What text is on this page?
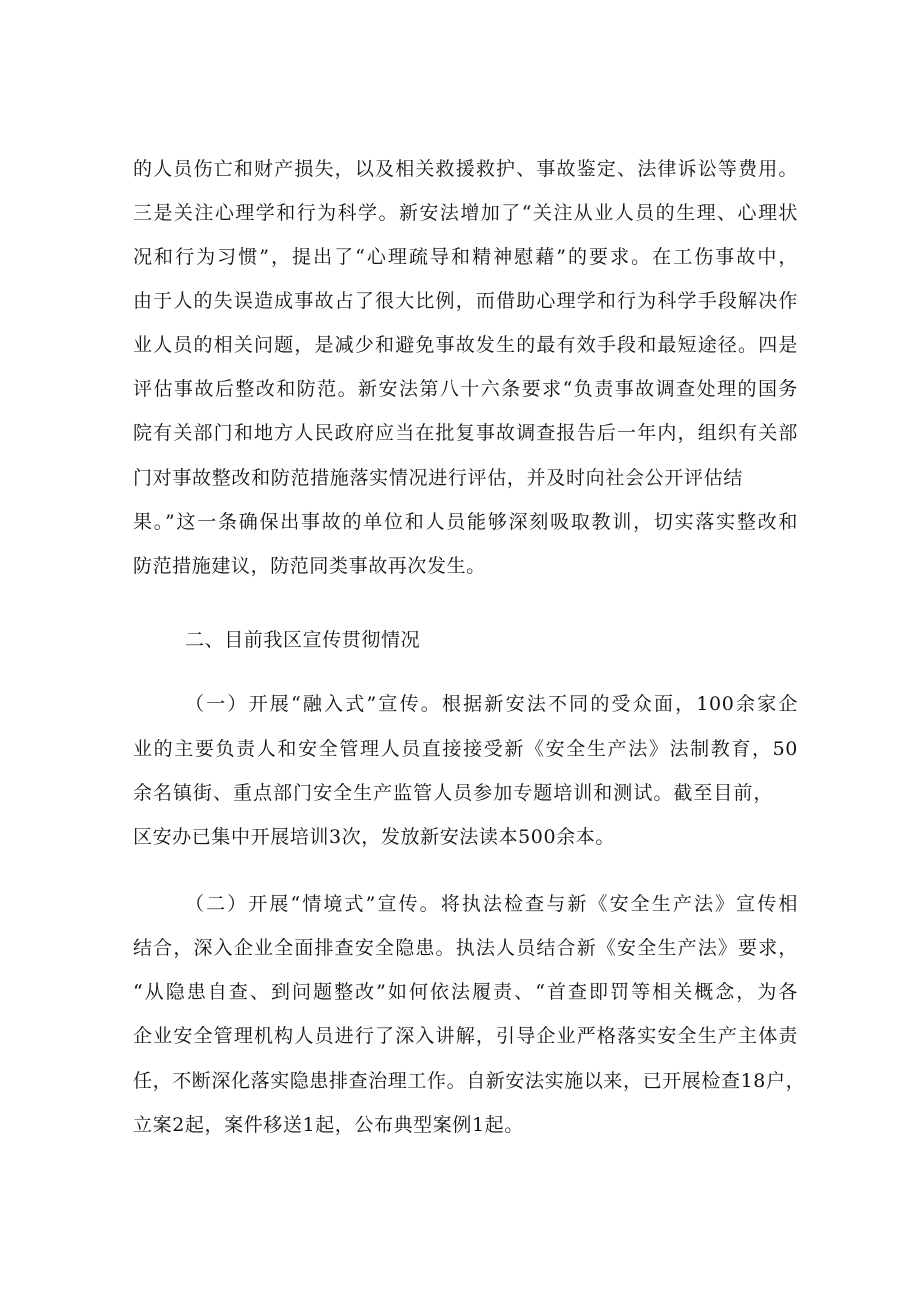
的人员伤亡和财产损失，以及相关救援救护、事故鉴定、法律诉讼等费用。

三是关注心理学和行为科学。新安法增加了“关注从业人员的生理、心理状

况和行为习惯”，提出了“心理疏导和精神慰藉”的要求。在工伤事故中，

由于人的失误造成事故占了很大比例，而借助心理学和行为科学手段解决作

业人员的相关问题，是减少和避免事故发生的最有效手段和最短途径。四是

评估事故后整改和防范。新安法第八十六条要求“负责事故调查处理的国务

院有关部门和地方人民政府应当在批复事故调查报告后一年内，组织有关部

门对事故整改和防范措施落实情况进行评估，并及时向社会公开评估结

果。”这一条确保出事故的单位和人员能够深刻吸取教训，切实落实整改和

防范措施建议，防范同类事故再次发生。

二、目前我区宣传贯彻情况

（一）开展“融入式”宣传。根据新安法不同的受众面，100余家企

业的主要负责人和安全管理人员直接接受新《安全生产法》法制教育，50

余名镇街、重点部门安全生产监管人员参加专题培训和测试。截至目前，

区安办已集中开展培训3次，发放新安法读本500余本。

（二）开展“情境式”宣传。将执法检查与新《安全生产法》宣传相

结合，深入企业全面排查安全隐患。执法人员结合新《安全生产法》要求，

“从隐患自查、到问题整改”如何依法履责、“首查即罚等相关概念，为各

企业安全管理机构人员进行了深入讲解，引导企业严格落实安全生产主体责

任，不断深化落实隐患排查治理工作。自新安法实施以来，已开展检查18户，

立案2起，案件移送1起，公布典型案例1起。
